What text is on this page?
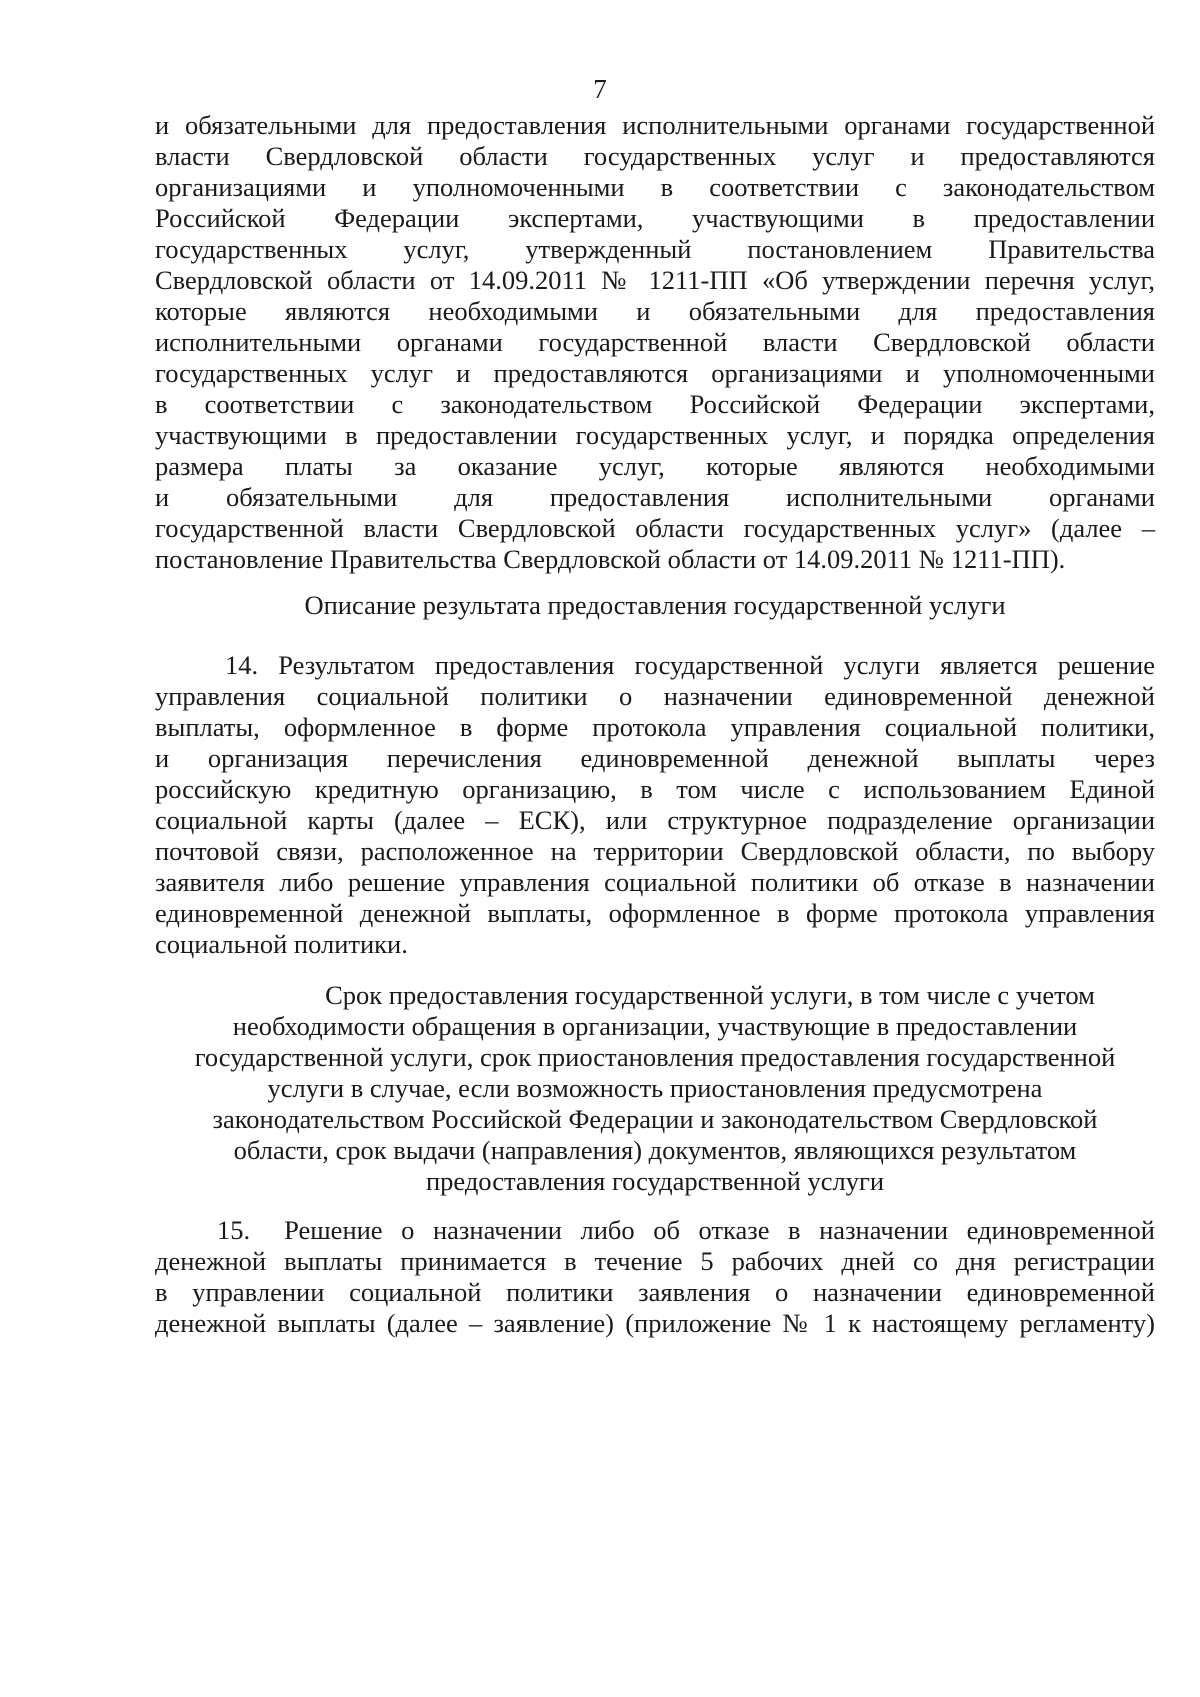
7
и обязательными для предоставления исполнительными органами государственной
власти Свердловской области государственных услуг и предоставляются
организациями и уполномоченными в соответствии с законодательством
Российской Федерации экспертами, участвующими в предоставлении
государственных услуг, утвержденный постановлением Правительства
Свердловской области от 14.09.2011 № 1211-ПП «Об утверждении перечня услуг,
которые являются необходимыми и обязательными для предоставления
исполнительными органами государственной власти Свердловской области
государственных услуг и предоставляются организациями и уполномоченными
в соответствии с законодательством Российской Федерации экспертами,
участвующими в предоставлении государственных услуг, и порядка определения
размера платы за оказание услуг, которые являются необходимыми
и обязательными для предоставления исполнительными органами
государственной власти Свердловской области государственных услуг» (далее –
постановление Правительства Свердловской области от 14.09.2011 № 1211-ПП).
Описание результата предоставления государственной услуги
14. Результатом предоставления государственной услуги является решение
управления социальной политики о назначении единовременной денежной
выплаты, оформленное в форме протокола управления социальной политики,
и организация перечисления единовременной денежной выплаты через
российскую кредитную организацию, в том числе с использованием Единой
социальной карты (далее – ЕСК), или структурное подразделение организации
почтовой связи, расположенное на территории Свердловской области, по выбору
заявителя либо решение управления социальной политики об отказе в назначении
единовременной денежной выплаты, оформленное в форме протокола управления
социальной политики.
Срок предоставления государственной услуги, в том числе с учетом
необходимости обращения в организации, участвующие в предоставлении
государственной услуги, срок приостановления предоставления государственной
услуги в случае, если возможность приостановления предусмотрена
законодательством Российской Федерации и законодательством Свердловской
области, срок выдачи (направления) документов, являющихся результатом
предоставления государственной услуги
15. Решение о назначении либо об отказе в назначении единовременной
денежной выплаты принимается в течение 5 рабочих дней со дня регистрации
в управлении социальной политики заявления о назначении единовременной
денежной выплаты (далее – заявление) (приложение № 1 к настоящему регламенту)
